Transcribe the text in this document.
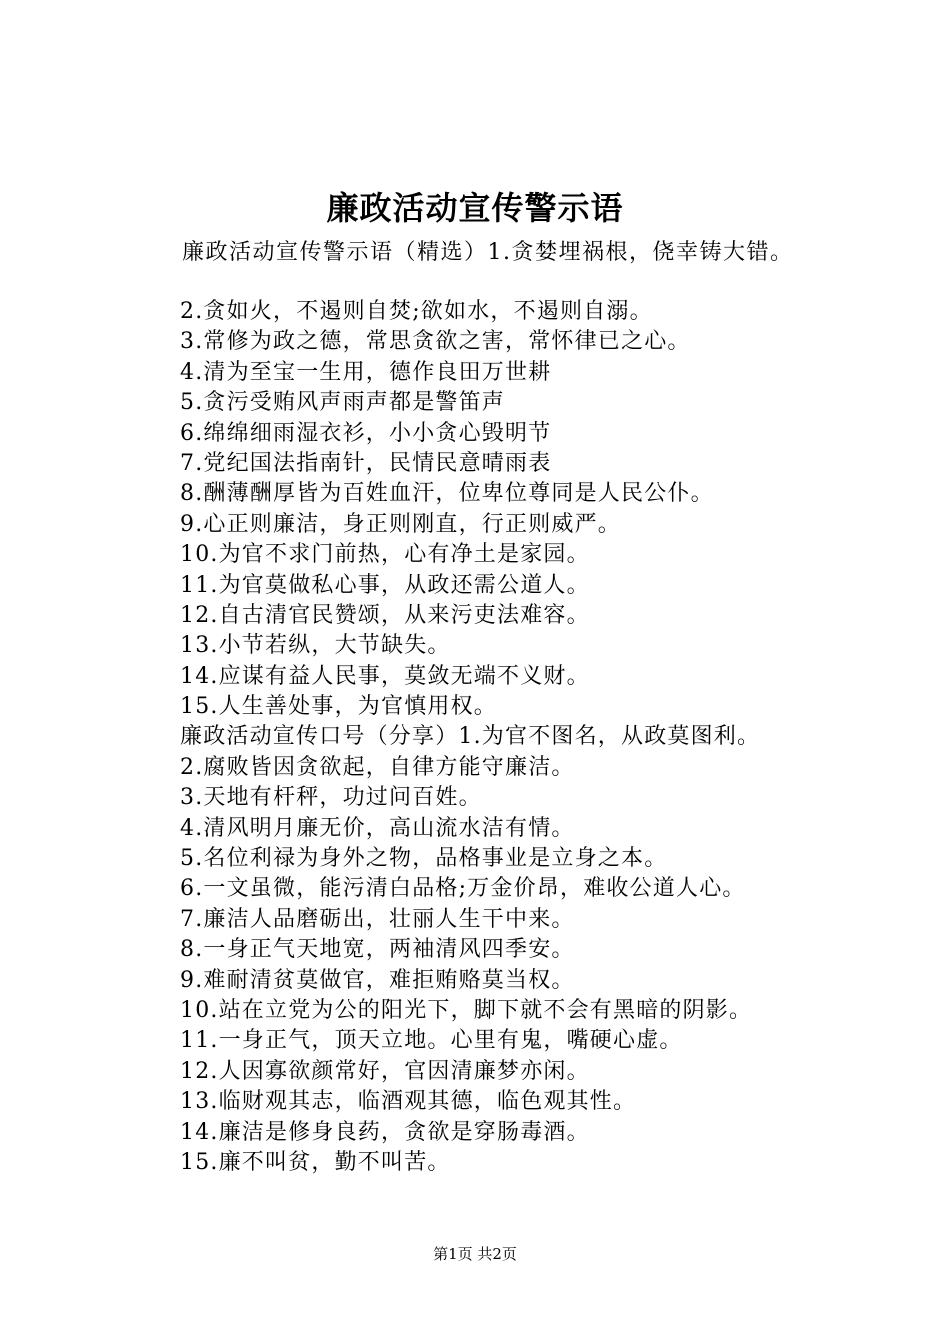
廉政活动宣传警示语

廉政活动宣传警示语（精选）1.贪婪埋祸根，侥幸铸大错。

2.贪如火，不遏则自焚;欲如水，不遏则自溺。
3.常修为政之德，常思贪欲之害，常怀律已之心。
4.清为至宝一生用，德作良田万世耕
5.贪污受贿风声雨声都是警笛声
6.绵绵细雨湿衣衫，小小贪心毁明节
7.党纪国法指南针，民情民意晴雨表
8.酬薄酬厚皆为百姓血汗，位卑位尊同是人民公仆。
9.心正则廉洁，身正则刚直，行正则威严。
10.为官不求门前热，心有净土是家园。
11.为官莫做私心事，从政还需公道人。
12.自古清官民赞颂，从来污吏法难容。
13.小节若纵，大节缺失。
14.应谋有益人民事，莫敛无端不义财。
15.人生善处事，为官慎用权。
廉政活动宣传口号（分享）1.为官不图名，从政莫图利。
2.腐败皆因贪欲起，自律方能守廉洁。
3.天地有杆秤，功过问百姓。
4.清风明月廉无价，高山流水洁有情。
5.名位利禄为身外之物，品格事业是立身之本。
6.一文虽微，能污清白品格;万金价昂，难收公道人心。
7.廉洁人品磨砺出，壮丽人生干中来。
8.一身正气天地宽，两袖清风四季安。
9.难耐清贫莫做官，难拒贿赂莫当权。
10.站在立党为公的阳光下，脚下就不会有黑暗的阴影。
11.一身正气，顶天立地。心里有鬼，嘴硬心虚。
12.人因寡欲颜常好，官因清廉梦亦闲。
13.临财观其志，临酒观其德，临色观其性。
14.廉洁是修身良药，贪欲是穿肠毒酒。
15.廉不叫贫，勤不叫苦。
第1页 共2页
